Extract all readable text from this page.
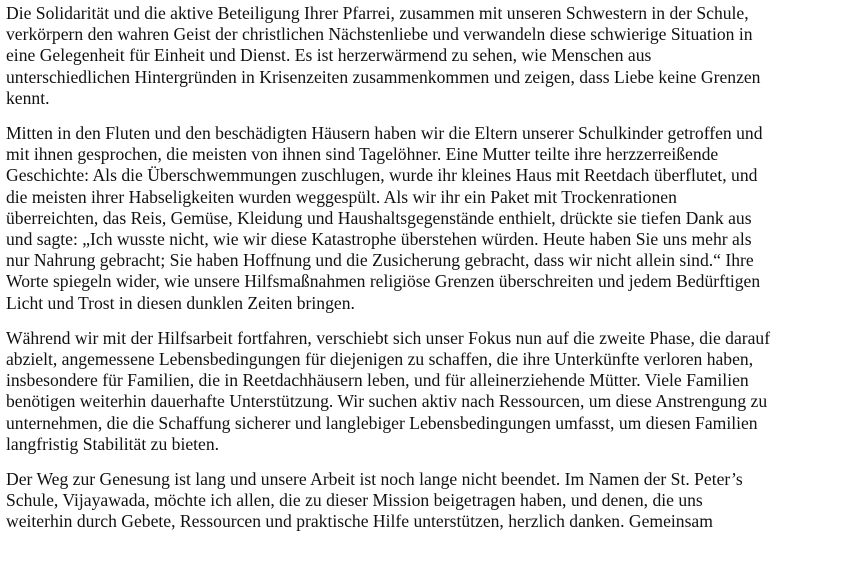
Die Solidarität und die aktive Beteiligung Ihrer Pfarrei, zusammen mit unseren Schwestern in der Schule,
verkörpern den wahren Geist der christlichen Nächstenliebe und verwandeln diese schwierige Situation in
eine Gelegenheit für Einheit und Dienst. Es ist herzerwärmend zu sehen, wie Menschen aus
unterschiedlichen Hintergründen in Krisenzeiten zusammenkommen und zeigen, dass Liebe keine Grenzen
kennt.

Mitten in den Fluten und den beschädigten Häusern haben wir die Eltern unserer Schulkinder getroffen und
mit ihnen gesprochen, die meisten von ihnen sind Tagelöhner. Eine Mutter teilte ihre herzzerreißende
Geschichte: Als die Überschwemmungen zuschlugen, wurde ihr kleines Haus mit Reetdach überflutet, und
die meisten ihrer Habseligkeiten wurden weggespült. Als wir ihr ein Paket mit Trockenrationen
überreichten, das Reis, Gemüse, Kleidung und Haushaltsgegenstände enthielt, drückte sie tiefen Dank aus
und sagte: „Ich wusste nicht, wie wir diese Katastrophe überstehen würden. Heute haben Sie uns mehr als
nur Nahrung gebracht; Sie haben Hoffnung und die Zusicherung gebracht, dass wir nicht allein sind.“ Ihre
Worte spiegeln wider, wie unsere Hilfsmaßnahmen religiöse Grenzen überschreiten und jedem Bedürftigen
Licht und Trost in diesen dunklen Zeiten bringen.

Während wir mit der Hilfsarbeit fortfahren, verschiebt sich unser Fokus nun auf die zweite Phase, die darauf
abzielt, angemessene Lebensbedingungen für diejenigen zu schaffen, die ihre Unterkünfte verloren haben,
insbesondere für Familien, die in Reetdachhäusern leben, und für alleinerziehende Mütter. Viele Familien
benötigen weiterhin dauerhafte Unterstützung. Wir suchen aktiv nach Ressourcen, um diese Anstrengung zu
unternehmen, die die Schaffung sicherer und langlebiger Lebensbedingungen umfasst, um diesen Familien
langfristig Stabilität zu bieten.

Der Weg zur Genesung ist lang und unsere Arbeit ist noch lange nicht beendet. Im Namen der St. Peter’s
Schule, Vijayawada, möchte ich allen, die zu dieser Mission beigetragen haben, und denen, die uns
weiterhin durch Gebete, Ressourcen und praktische Hilfe unterstützen, herzlich danken. Gemeinsam
